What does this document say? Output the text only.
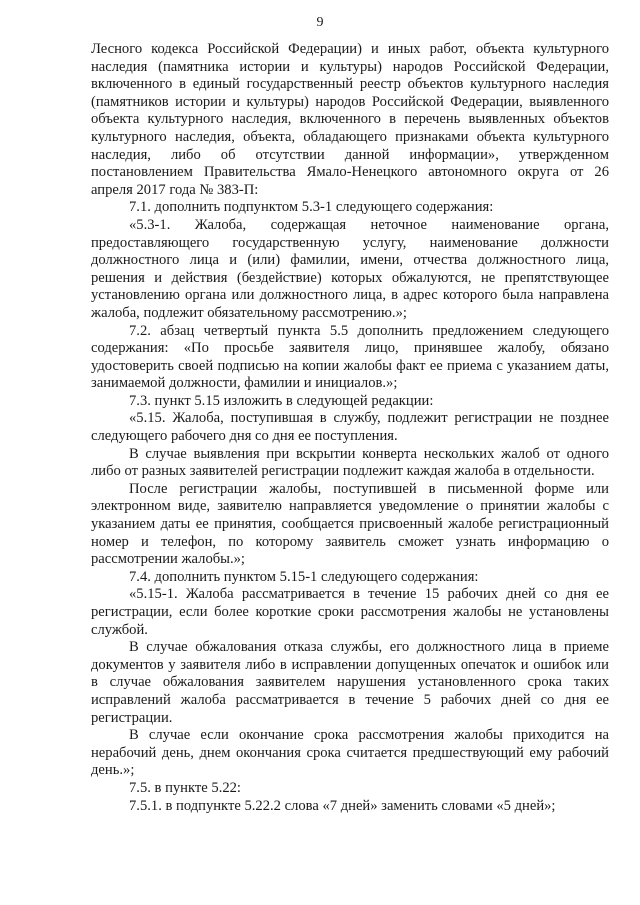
9

Лесного кодекса Российской Федерации) и иных работ, объекта культурного наследия (памятника истории и культуры) народов Российской Федерации, включенного в единый государственный реестр объектов культурного наследия (памятников истории и культуры) народов Российской Федерации, выявленного объекта культурного наследия, включенного в перечень выявленных объектов культурного наследия, объекта, обладающего признаками объекта культурного наследия, либо об отсутствии данной информации», утвержденном постановлением Правительства Ямало-Ненецкого автономного округа от 26 апреля 2017 года № 383-П:

7.1. дополнить подпунктом 5.3-1 следующего содержания:

«5.3-1. Жалоба, содержащая неточное наименование органа, предоставляющего государственную услугу, наименование должности должностного лица и (или) фамилии, имени, отчества должностного лица, решения и действия (бездействие) которых обжалуются, не препятствующее установлению органа или должностного лица, в адрес которого была направлена жалоба, подлежит обязательному рассмотрению.»;

7.2. абзац четвертый пункта 5.5 дополнить предложением следующего содержания: «По просьбе заявителя лицо, принявшее жалобу, обязано удостоверить своей подписью на копии жалобы факт ее приема с указанием даты, занимаемой должности, фамилии и инициалов.»;

7.3. пункт 5.15 изложить в следующей редакции:

«5.15. Жалоба, поступившая в службу, подлежит регистрации не позднее следующего рабочего дня со дня ее поступления.

В случае выявления при вскрытии конверта нескольких жалоб от одного либо от разных заявителей регистрации подлежит каждая жалоба в отдельности.

После регистрации жалобы, поступившей в письменной форме или электронном виде, заявителю направляется уведомление о принятии жалобы с указанием даты ее принятия, сообщается присвоенный жалобе регистрационный номер и телефон, по которому заявитель сможет узнать информацию о рассмотрении жалобы.»;

7.4. дополнить пунктом 5.15-1 следующего содержания:

«5.15-1. Жалоба рассматривается в течение 15 рабочих дней со дня ее регистрации, если более короткие сроки рассмотрения жалобы не установлены службой.

В случае обжалования отказа службы, его должностного лица в приеме документов у заявителя либо в исправлении допущенных опечаток и ошибок или в случае обжалования заявителем нарушения установленного срока таких исправлений жалоба рассматривается в течение 5 рабочих дней со дня ее регистрации.

В случае если окончание срока рассмотрения жалобы приходится на нерабочий день, днем окончания срока считается предшествующий ему рабочий день.»;

7.5. в пункте 5.22:

7.5.1. в подпункте 5.22.2 слова «7 дней» заменить словами «5 дней»;
